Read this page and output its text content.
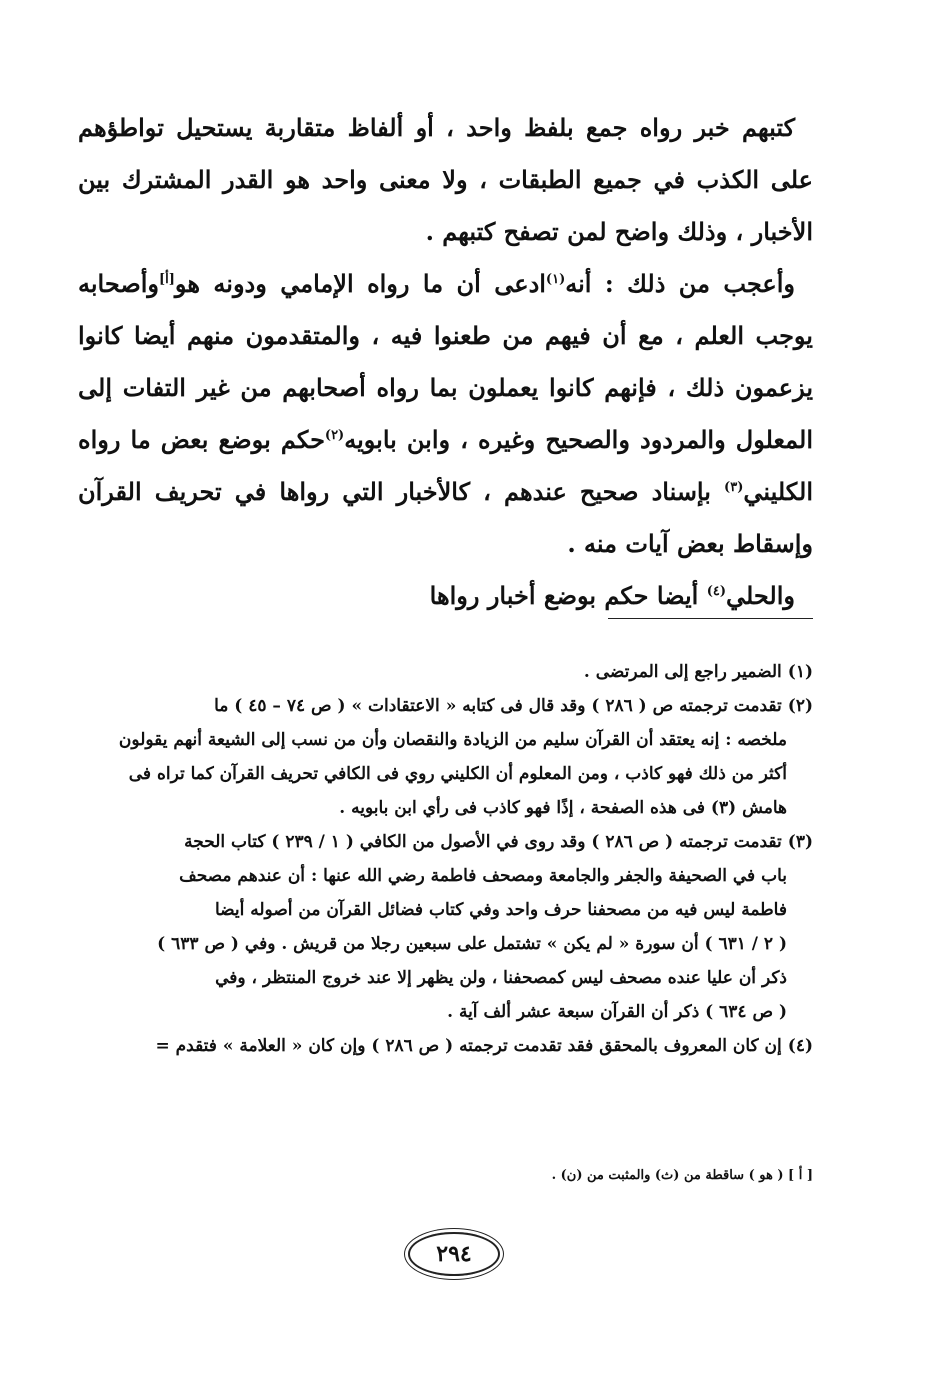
كتبهم خبر رواه جمع بلفظ واحد ، أو ألفاظ متقاربة يستحيل تواطؤهم على الكذب في جميع الطبقات ، ولا معنى واحد هو القدر المشترك بين الأخبار ، وذلك واضح لمن تصفح كتبهم .

وأعجب من ذلك : أنه$^{(١)}$ادعى أن ما رواه الإمامي ودونه هو[أ]وأصحابه يوجب العلم ، مع أن فيهم من طعنوا فيه ، والمتقدمون منهم أيضا كانوا يزعمون ذلك ، فإنهم كانوا يعملون بما رواه أصحابهم من غير التفات إلى المعلول والمردود والصحيح وغيره ، وابن بابويه$^{(٢)}$حكم بوضع بعض ما رواه الكليني$^{(٣)}$ بإسناد صحيح عندهم ، كالأخبار التي رواها في تحريف القرآن وإسقاط بعض آيات منه .

والحلي$^{(٤)}$ أيضا حكم بوضع أخبار رواها

(١)الضمير راجع إلى المرتضى .

(٢)تقدمت ترجمته ص ( ٢٨٦ ) وقد قال فى كتابه « الاعتقادات » ( ص ٧٤ – ٤٥ ) ما

ملخصه : إنه يعتقد أن القرآن سليم من الزيادة والنقصان وأن من نسب إلى الشيعة أنهم يقولون

أكثر من ذلك فهو كاذب ، ومن المعلوم أن الكليني روي فى الكافي تحريف القرآن كما تراه فى

هامش (٣) فى هذه الصفحة ، إذًا فهو كاذب فى رأي ابن بابويه .

(٣)تقدمت ترجمته ( ص ٢٨٦ ) وقد روى في الأصول من الكافي ( ١ / ٢٣٩ ) كتاب الحجة

باب في الصحيفة والجفر والجامعة ومصحف فاطمة رضي الله عنها : أن عندهم مصحف

فاطمة ليس فيه من مصحفنا حرف واحد وفي كتاب فضائل القرآن من أصوله أيضا

( ٢ / ٦٣١ ) أن سورة « لم يكن » تشتمل على سبعين رجلا من قريش . وفي ( ص ٦٣٣ )

ذكر أن عليا عنده مصحف ليس كمصحفنا ، ولن يظهر إلا عند خروج المنتظر ، وفي

( ص ٦٣٤ ) ذكر أن القرآن سبعة عشر ألف آية .

(٤)إن كان المعروف بالمحقق فقد تقدمت ترجمته ( ص ٢٨٦ ) وإن كان « العلامة » فتقدم =

[ أ ] ( هو ) ساقطة من (ث) والمثبت من (ن) .
٢٩٤
